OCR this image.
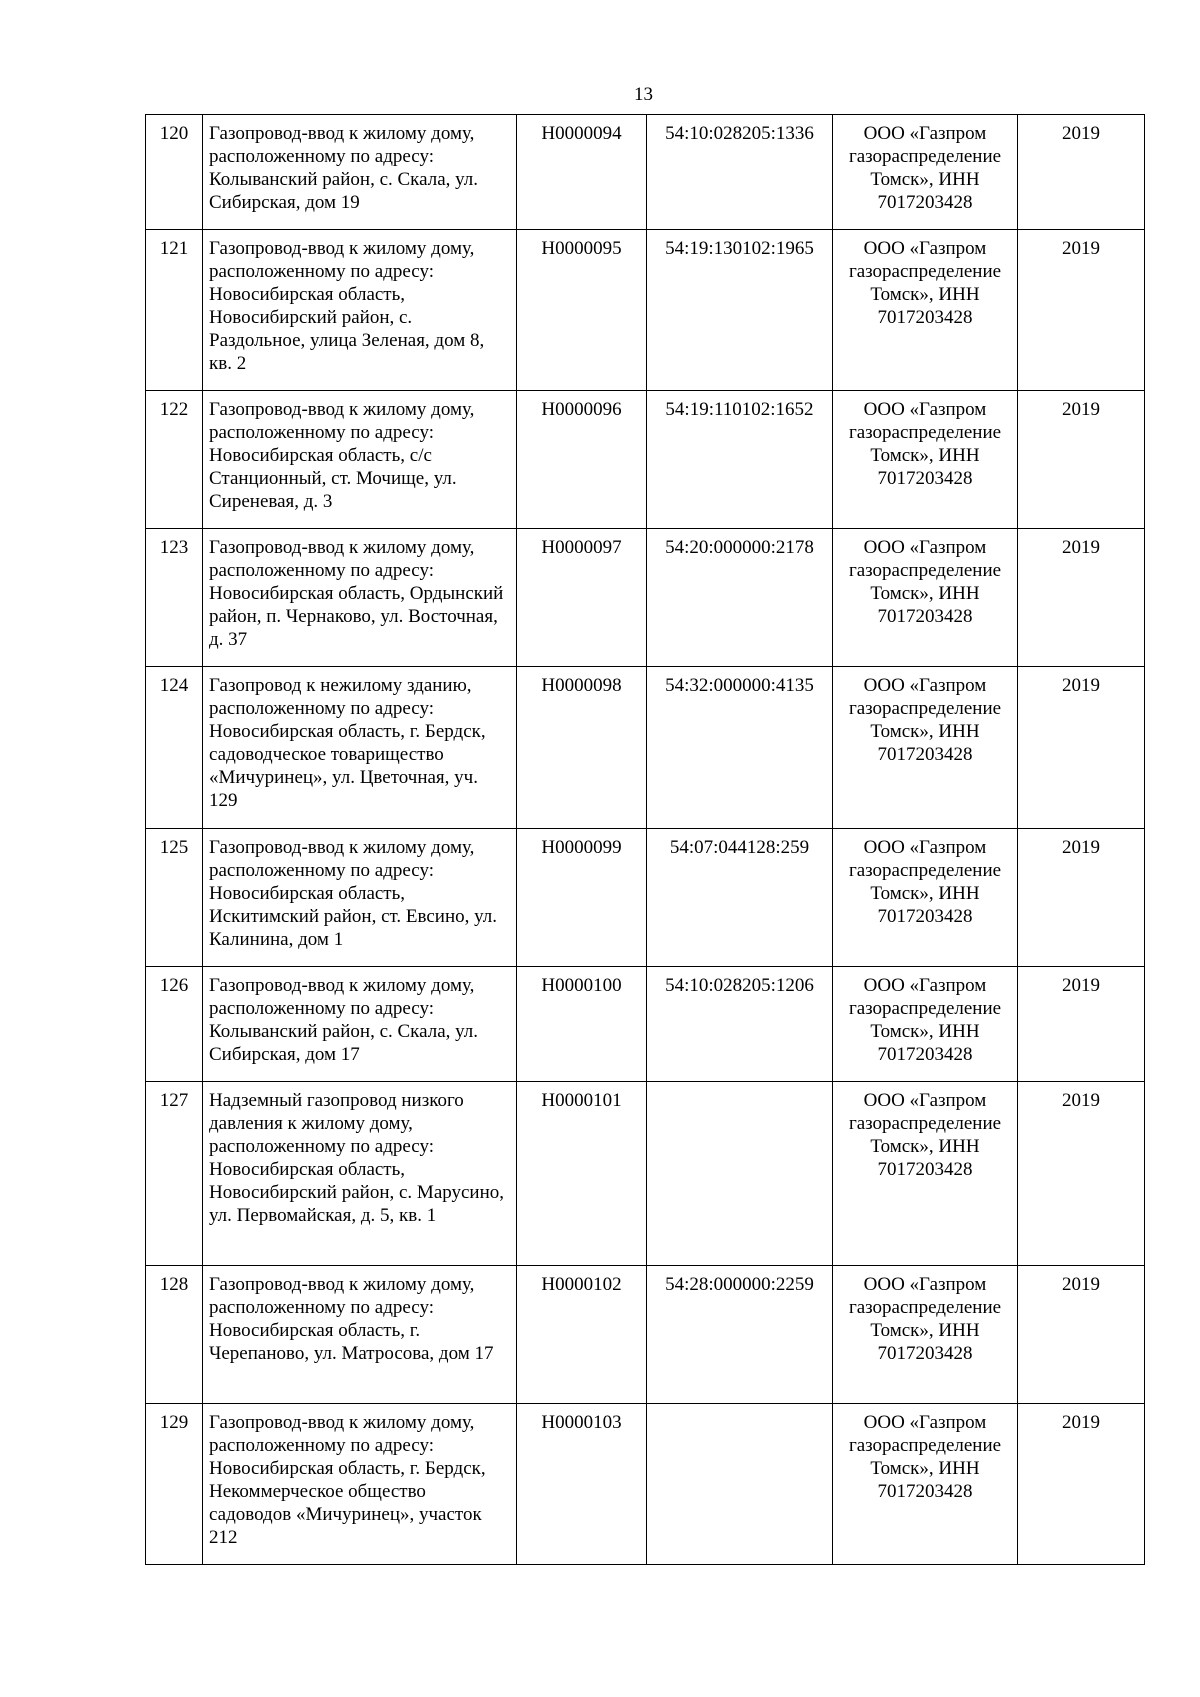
13
120	Газопровод-ввод к жилому дому, расположенному по адресу: Колыванский район, с. Скала, ул. Сибирская, дом 19	Н0000094	54:10:028205:1336	ООО «Газпром газораспределение Томск», ИНН 7017203428	2019
121	Газопровод-ввод к жилому дому, расположенному по адресу: Новосибирская область, Новосибирский район, с. Раздольное, улица Зеленая, дом 8, кв. 2	Н0000095	54:19:130102:1965	ООО «Газпром газораспределение Томск», ИНН 7017203428	2019
122	Газопровод-ввод к жилому дому, расположенному по адресу: Новосибирская область, с/с Станционный, ст. Мочище, ул. Сиреневая, д. 3	Н0000096	54:19:110102:1652	ООО «Газпром газораспределение Томск», ИНН 7017203428	2019
123	Газопровод-ввод к жилому дому, расположенному по адресу: Новосибирская область, Ордынский район, п. Чернаково, ул. Восточная, д. 37	Н0000097	54:20:000000:2178	ООО «Газпром газораспределение Томск», ИНН 7017203428	2019
124	Газопровод к нежилому зданию, расположенному по адресу: Новосибирская область, г. Бердск, садоводческое товарищество «Мичуринец», ул. Цветочная, уч. 129	Н0000098	54:32:000000:4135	ООО «Газпром газораспределение Томск», ИНН 7017203428	2019
125	Газопровод-ввод к жилому дому, расположенному по адресу: Новосибирская область, Искитимский район, ст. Евсино, ул. Калинина, дом 1	Н0000099	54:07:044128:259	ООО «Газпром газораспределение Томск», ИНН 7017203428	2019
126	Газопровод-ввод к жилому дому, расположенному по адресу: Колыванский район, с. Скала, ул. Сибирская, дом 17	Н0000100	54:10:028205:1206	ООО «Газпром газораспределение Томск», ИНН 7017203428	2019
127	Надземный газопровод низкого давления к жилому дому, расположенному по адресу: Новосибирская область, Новосибирский район, с. Марусино, ул. Первомайская, д. 5, кв. 1	Н0000101		ООО «Газпром газораспределение Томск», ИНН 7017203428	2019
128	Газопровод-ввод к жилому дому, расположенному по адресу: Новосибирская область, г. Черепаново, ул. Матросова, дом 17	Н0000102	54:28:000000:2259	ООО «Газпром газораспределение Томск», ИНН 7017203428	2019
129	Газопровод-ввод к жилому дому, расположенному по адресу: Новосибирская область, г. Бердск, Некоммерческое общество садоводов «Мичуринец», участок 212	Н0000103		ООО «Газпром газораспределение Томск», ИНН 7017203428	2019
